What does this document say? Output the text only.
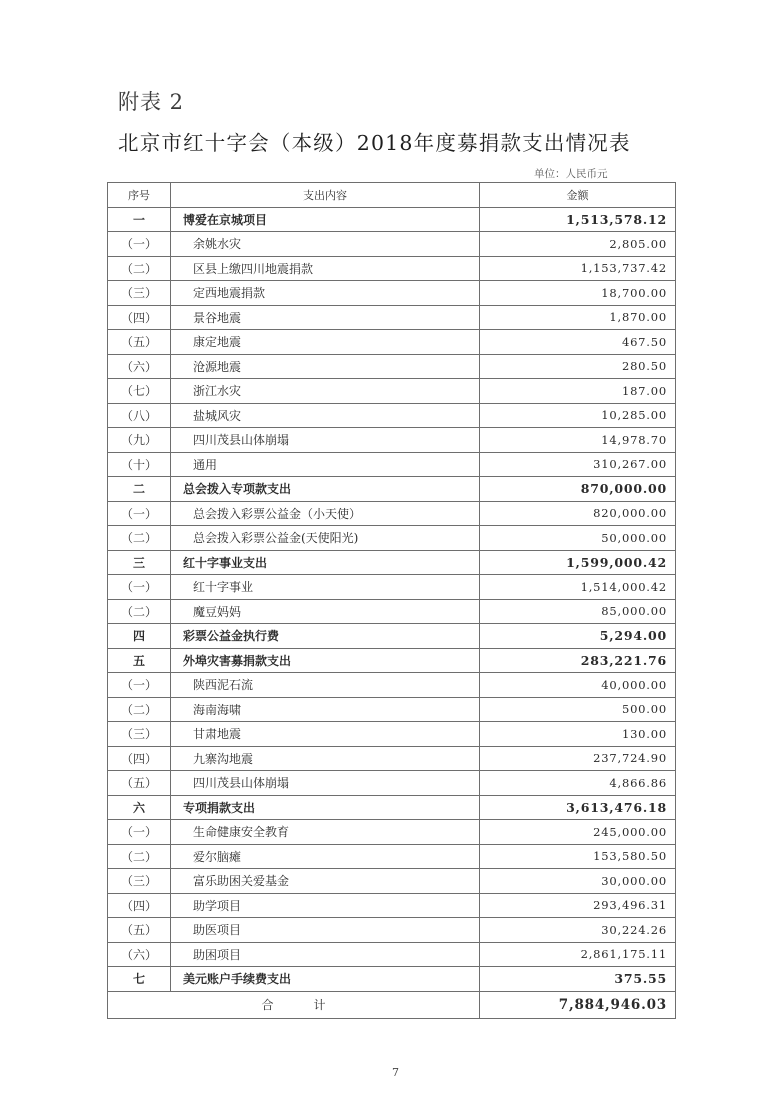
附表 2
北京市红十字会（本级）2018年度募捐款支出情况表
单位：人民币元
序号	支出内容	金额
一	博爱在京城项目	1,513,578.12
（一）	余姚水灾	2,805.00
（二）	区县上缴四川地震捐款	1,153,737.42
（三）	定西地震捐款	18,700.00
（四）	景谷地震	1,870.00
（五）	康定地震	467.50
（六）	沧源地震	280.50
（七）	浙江水灾	187.00
（八）	盐城风灾	10,285.00
（九）	四川茂县山体崩塌	14,978.70
（十）	通用	310,267.00
二	总会拨入专项款支出	870,000.00
（一）	总会拨入彩票公益金（小天使）	820,000.00
（二）	总会拨入彩票公益金(天使阳光)	50,000.00
三	红十字事业支出	1,599,000.42
（一）	红十字事业	1,514,000.42
（二）	魔豆妈妈	85,000.00
四	彩票公益金执行费	5,294.00
五	外埠灾害募捐款支出	283,221.76
（一）	陕西泥石流	40,000.00
（二）	海南海啸	500.00
（三）	甘肃地震	130.00
（四）	九寨沟地震	237,724.90
（五）	四川茂县山体崩塌	4,866.86
六	专项捐款支出	3,613,476.18
（一）	生命健康安全教育	245,000.00
（二）	爱尔脑瘫	153,580.50
（三）	富乐助困关爱基金	30,000.00
（四）	助学项目	293,496.31
（五）	助医项目	30,224.26
（六）	助困项目	2,861,175.11
七	美元账户手续费支出	375.55
合计		7,884,946.03
7
